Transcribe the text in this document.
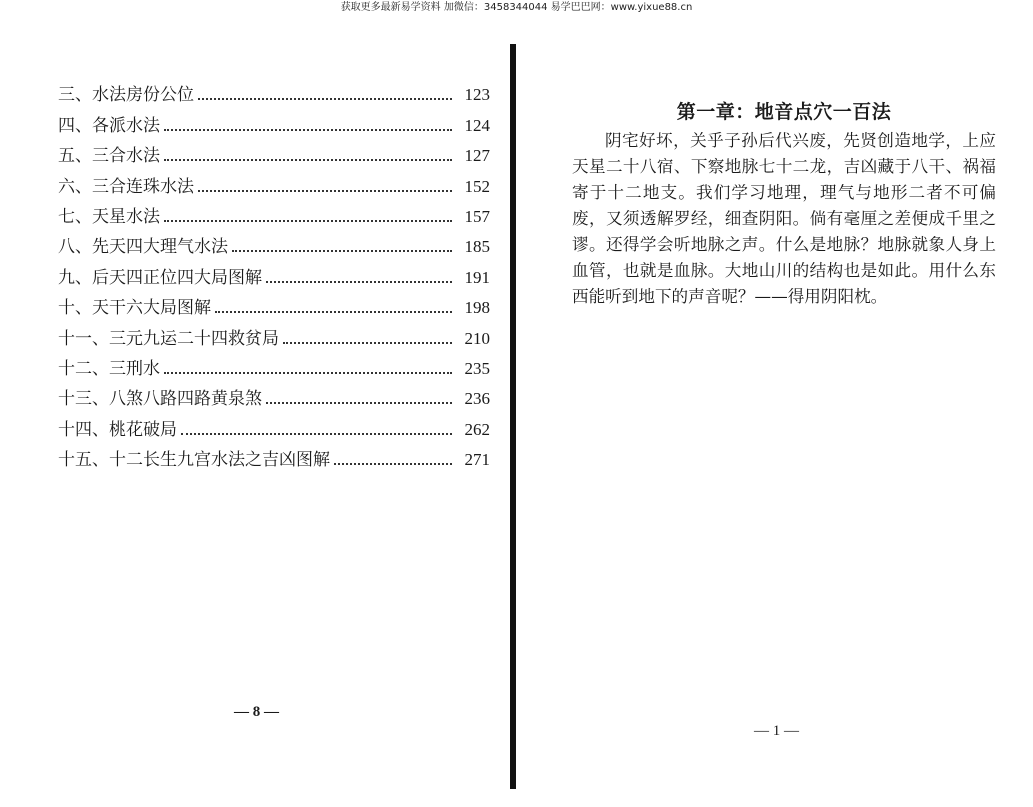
获取更多最新易学资料 加微信：3458344044 易学巴巴网：www.yixue88.cn
三、水法房份公位	123
四、各派水法	124
五、三合水法	127
六、三合连珠水法	152
七、天星水法	157
八、先天四大理气水法	185
九、后天四正位四大局图解	191
十、天干六大局图解	198
十一、三元九运二十四救贫局	210
十二、三刑水	235
十三、八煞八路四路黄泉煞	236
十四、桃花破局	262
十五、十二长生九宫水法之吉凶图解	271
— 8 —
第一章：地音点穴一百法

阴宅好坏，关乎子孙后代兴废，先贤创造地学，上应天星二十八宿、下察地脉七十二龙，吉凶藏于八干、祸福寄于十二地支。我们学习地理，理气与地形二者不可偏废，又须透解罗经，细查阴阳。倘有毫厘之差便成千里之谬。还得学会听地脉之声。什么是地脉？地脉就象人身上血管，也就是血脉。大地山川的结构也是如此。用什么东西能听到地下的声音呢？——得用阴阳枕。

— 1 —
